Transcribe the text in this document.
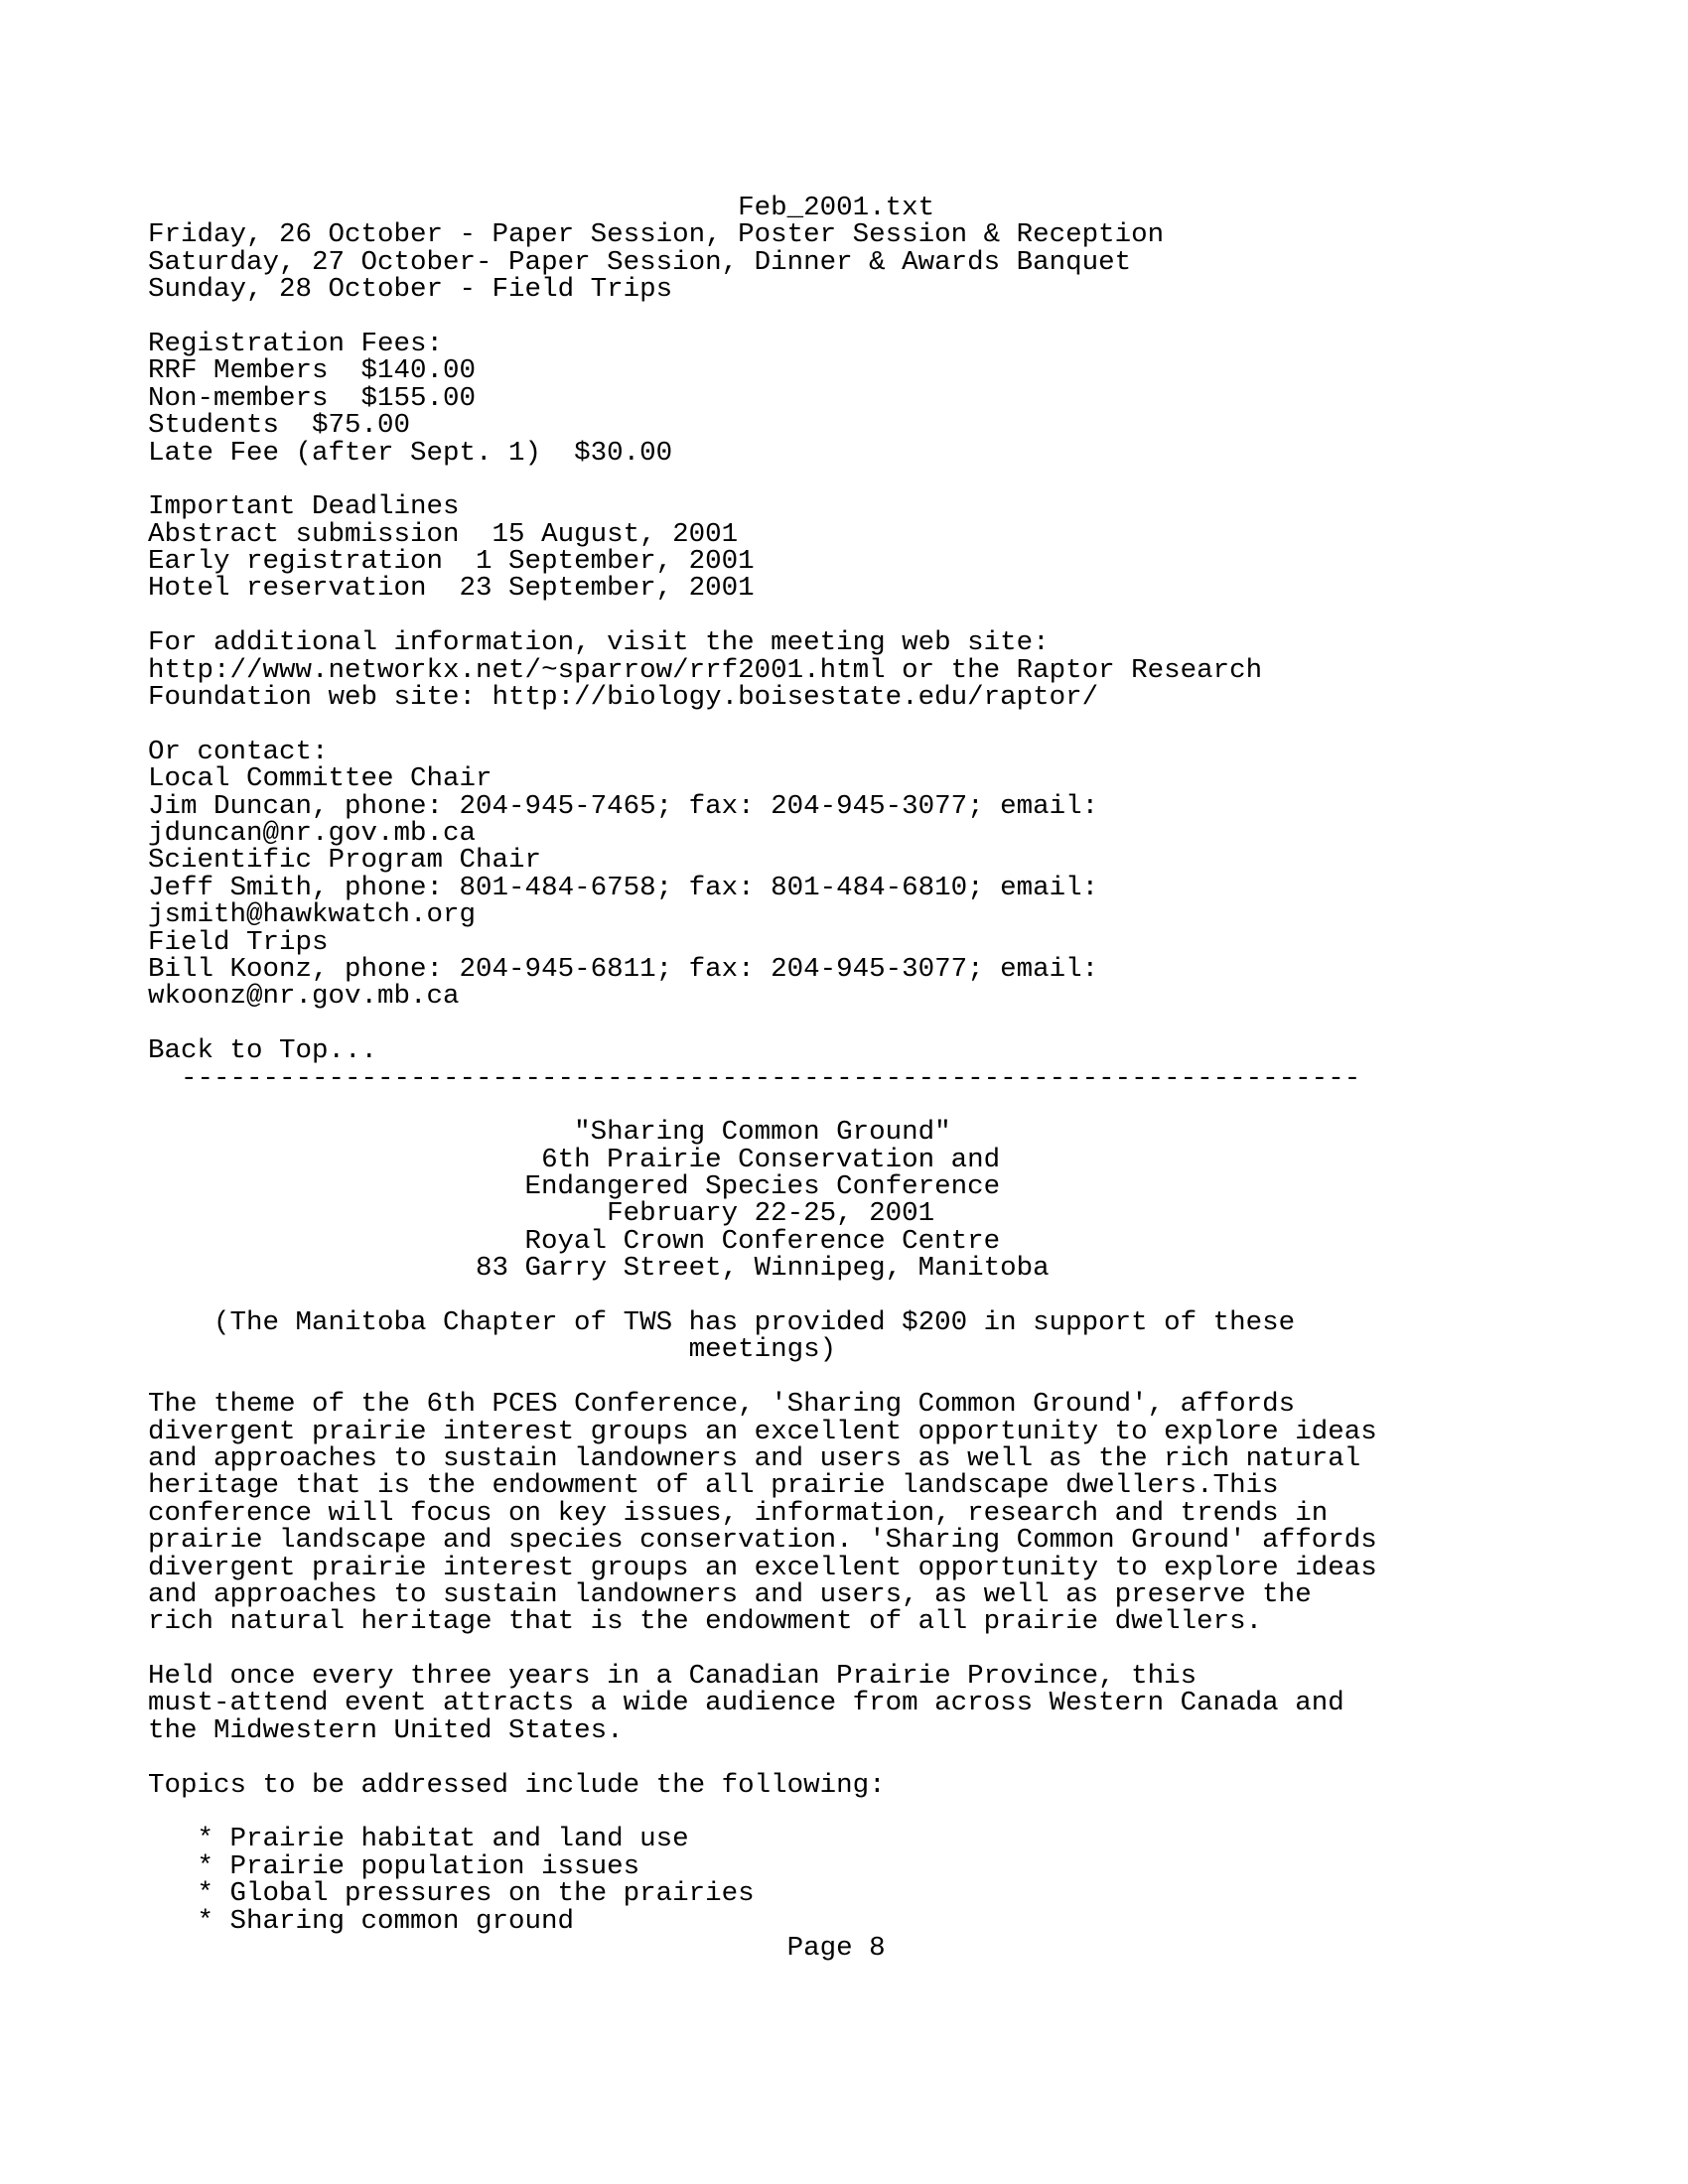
Feb_2001.txt
Friday, 26 October - Paper Session, Poster Session & Reception
Saturday, 27 October- Paper Session, Dinner & Awards Banquet
Sunday, 28 October - Field Trips
Registration Fees:
RRF Members  $140.00
Non-members  $155.00
Students  $75.00
Late Fee (after Sept. 1)  $30.00
Important Deadlines
Abstract submission  15 August, 2001
Early registration  1 September, 2001
Hotel reservation  23 September, 2001
For additional information, visit the meeting web site:
http://www.networkx.net/~sparrow/rrf2001.html or the Raptor Research
Foundation web site: http://biology.boisestate.edu/raptor/
Or contact:
Local Committee Chair
Jim Duncan, phone: 204-945-7465; fax: 204-945-3077; email:
jduncan@nr.gov.mb.ca
Scientific Program Chair
Jeff Smith, phone: 801-484-6758; fax: 801-484-6810; email:
jsmith@hawkwatch.org
Field Trips
Bill Koonz, phone: 204-945-6811; fax: 204-945-3077; email:
wkoonz@nr.gov.mb.ca
Back to Top...
------------------------------------------------------------------------
"Sharing Common Ground"
6th Prairie Conservation and
Endangered Species Conference
February 22-25, 2001
Royal Crown Conference Centre
83 Garry Street, Winnipeg, Manitoba
(The Manitoba Chapter of TWS has provided $200 in support of these
meetings)
The theme of the 6th PCES Conference, 'Sharing Common Ground', affords
divergent prairie interest groups an excellent opportunity to explore ideas
and approaches to sustain landowners and users as well as the rich natural
heritage that is the endowment of all prairie landscape dwellers.This
conference will focus on key issues, information, research and trends in
prairie landscape and species conservation. 'Sharing Common Ground' affords
divergent prairie interest groups an excellent opportunity to explore ideas
and approaches to sustain landowners and users, as well as preserve the
rich natural heritage that is the endowment of all prairie dwellers.
Held once every three years in a Canadian Prairie Province, this
must-attend event attracts a wide audience from across Western Canada and
the Midwestern United States.
Topics to be addressed include the following:
* Prairie habitat and land use
* Prairie population issues
* Global pressures on the prairies
* Sharing common ground
Page 8
